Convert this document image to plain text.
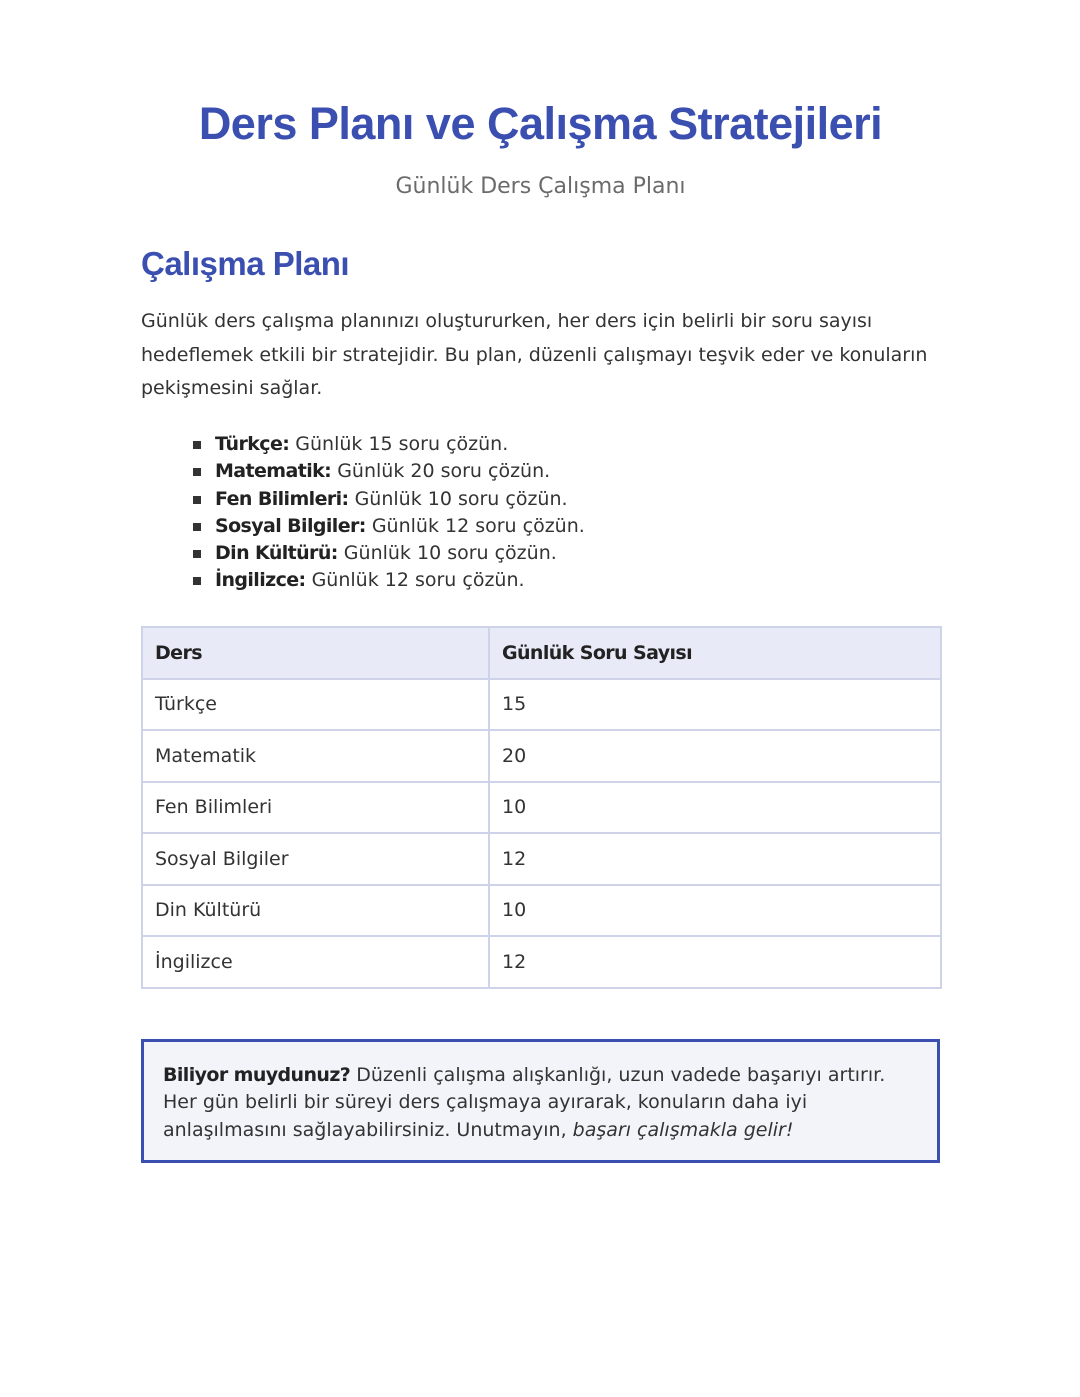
Ders Planı ve Çalışma Stratejileri

Günlük Ders Çalışma Planı

Çalışma Planı

Günlük ders çalışma planınızı oluştururken, her ders için belirli bir soru sayısı hedeflemek etkili bir stratejidir. Bu plan, düzenli çalışmayı teşvik eder ve konuların pekişmesini sağlar.

Türkçe: Günlük 15 soru çözün.
Matematik: Günlük 20 soru çözün.
Fen Bilimleri: Günlük 10 soru çözün.
Sosyal Bilgiler: Günlük 12 soru çözün.
Din Kültürü: Günlük 10 soru çözün.
İngilizce: Günlük 12 soru çözün.
Ders	Günlük Soru Sayısı
Türkçe	15
Matematik	20
Fen Bilimleri	10
Sosyal Bilgiler	12
Din Kültürü	10
İngilizce	12
Biliyor muydunuz? Düzenli çalışma alışkanlığı, uzun vadede başarıyı artırır. Her gün belirli bir süreyi ders çalışmaya ayırarak, konuların daha iyi anlaşılmasını sağlayabilirsiniz. Unutmayın, başarı çalışmakla gelir!
